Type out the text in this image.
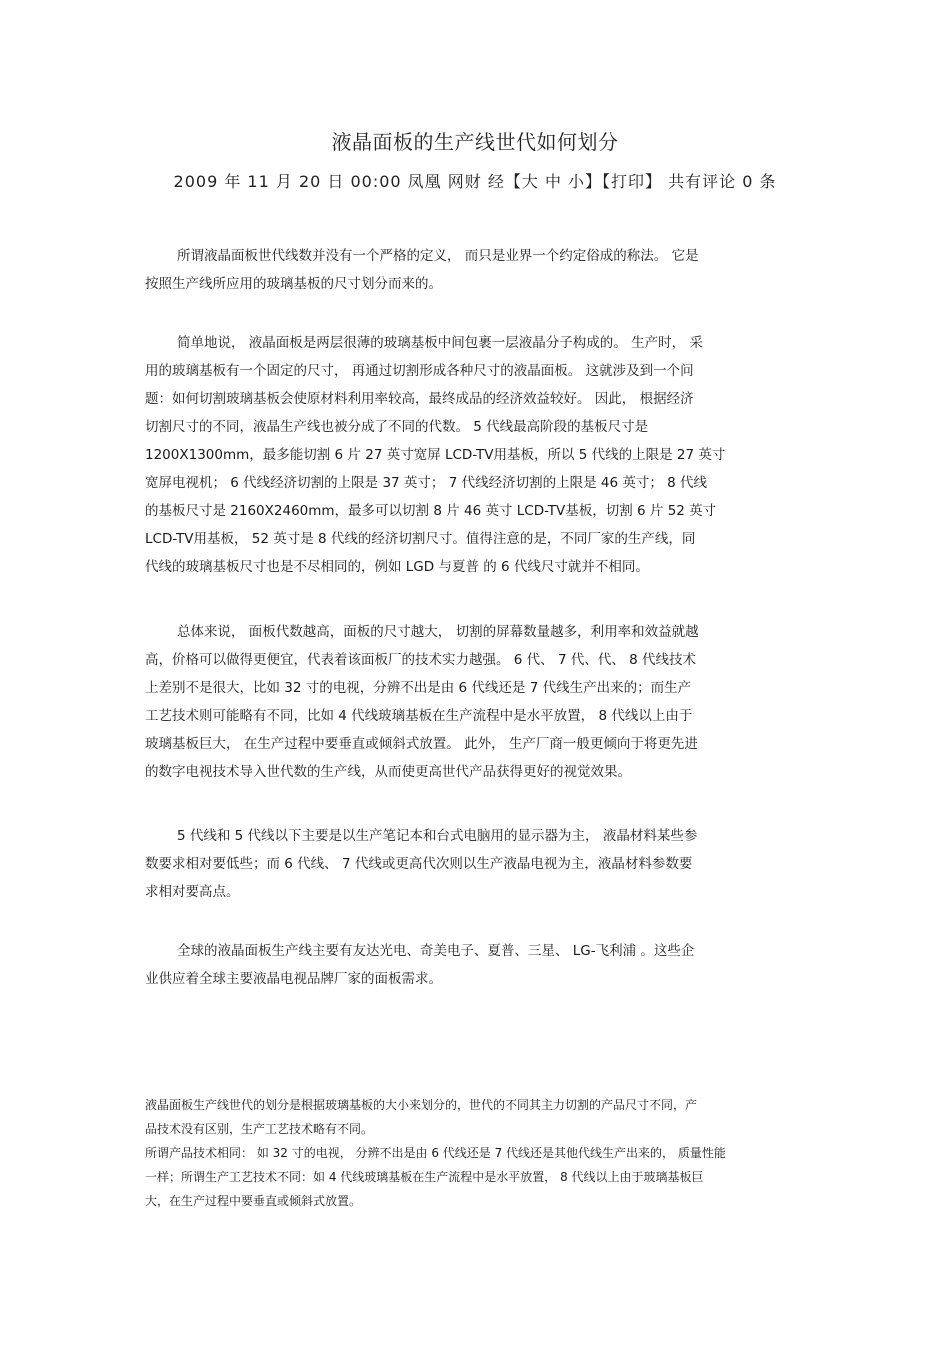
液晶面板的生产线世代如何划分
2009 年 11 月 20 日 00:00 凤凰 网财 经【大 中 小】【打印】 共有评论 0 条
所谓液晶面板世代线数并没有一个严格的定义， 而只是业界一个约定俗成的称法。 它是
按照生产线所应用的玻璃基板的尺寸划分而来的。
简单地说， 液晶面板是两层很薄的玻璃基板中间包裹一层液晶分子构成的。 生产时， 采
用的玻璃基板有一个固定的尺寸， 再通过切割形成各种尺寸的液晶面板。 这就涉及到一个问
题：如何切割玻璃基板会使原材料利用率较高，最终成品的经济效益较好。 因此， 根据经济
切割尺寸的不同，液晶生产线也被分成了不同的代数。 5 代线最高阶段的基板尺寸是
1200X1300mm，最多能切割 6 片 27 英寸宽屏 LCD-TV用基板，所以 5 代线的上限是 27 英寸
宽屏电视机； 6 代线经济切割的上限是 37 英寸； 7 代线经济切割的上限是 46 英寸； 8 代线
的基板尺寸是 2160X2460mm，最多可以切割 8 片 46 英寸 LCD-TV基板，切割 6 片 52 英寸
LCD-TV用基板， 52 英寸是 8 代线的经济切割尺寸。值得注意的是，不同厂家的生产线，同
代线的玻璃基板尺寸也是不尽相同的，例如 LGD 与夏普 的 6 代线尺寸就并不相同。
总体来说， 面板代数越高，面板的尺寸越大， 切割的屏幕数量越多，利用率和效益就越
高，价格可以做得更便宜，代表着该面板厂的技术实力越强。 6 代、 7 代、代、 8 代线技术
上差别不是很大，比如 32 寸的电视，分辨不出是由 6 代线还是 7 代线生产出来的；而生产
工艺技术则可能略有不同，比如 4 代线玻璃基板在生产流程中是水平放置， 8 代线以上由于
玻璃基板巨大， 在生产过程中要垂直或倾斜式放置。 此外， 生产厂商一般更倾向于将更先进
的数字电视技术导入世代数的生产线，从而使更高世代产品获得更好的视觉效果。
5 代线和 5 代线以下主要是以生产笔记本和台式电脑用的显示器为主， 液晶材料某些参
数要求相对要低些；而 6 代线、 7 代线或更高代次则以生产液晶电视为主，液晶材料参数要
求相对要高点。
全球的液晶面板生产线主要有友达光电、奇美电子、夏普、三星、 LG-飞利浦 。这些企
业供应着全球主要液晶电视品牌厂家的面板需求。
液晶面板生产线世代的划分是根据玻璃基板的大小来划分的，世代的不同其主力切割的产品尺寸不同，产
品技术没有区别，生产工艺技术略有不同。
所谓产品技术相同： 如 32 寸的电视， 分辨不出是由 6 代线还是 7 代线还是其他代线生产出来的， 质量性能
一样；所谓生产工艺技术不同：如 4 代线玻璃基板在生产流程中是水平放置， 8 代线以上由于玻璃基板巨
大，在生产过程中要垂直或倾斜式放置。
